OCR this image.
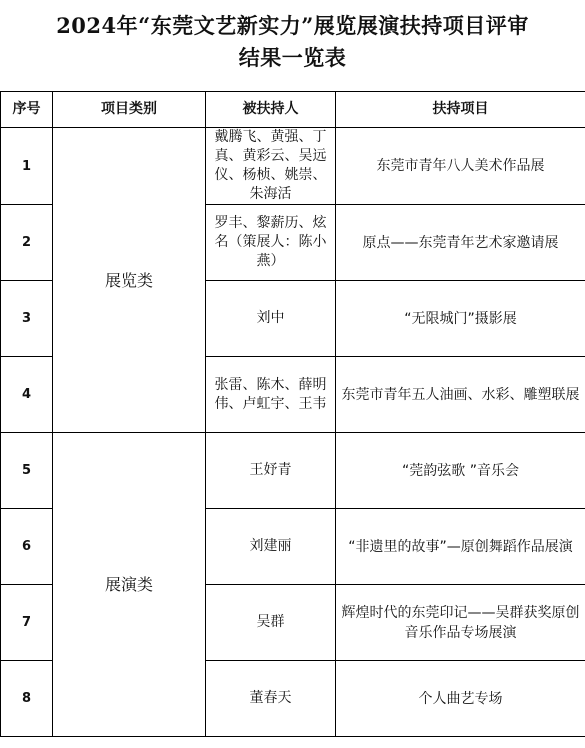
2024年“东莞文艺新实力”展览展演扶持项目评审
结果一览表
序号	项目类别	被扶持人	扶持项目
1	展览类	戴腾飞、黄强、丁真、黄彩云、吴远仪、杨桢、姚崇、朱海活	东莞市青年八人美术作品展
2		罗丰、黎薪历、炫名（策展人：陈小燕）	原点——东莞青年艺术家邀请展
3		刘中	“无限城门”摄影展
4		张雷、陈木、薛明伟、卢虹宇、王韦	东莞市青年五人油画、水彩、雕塑联展
5	展演类	王妤青	“莞韵弦歌 ”音乐会
6		刘建丽	“非遗里的故事”—原创舞蹈作品展演
7		吴群	辉煌时代的东莞印记——吴群获奖原创音乐作品专场展演
8		董春天	个人曲艺专场
